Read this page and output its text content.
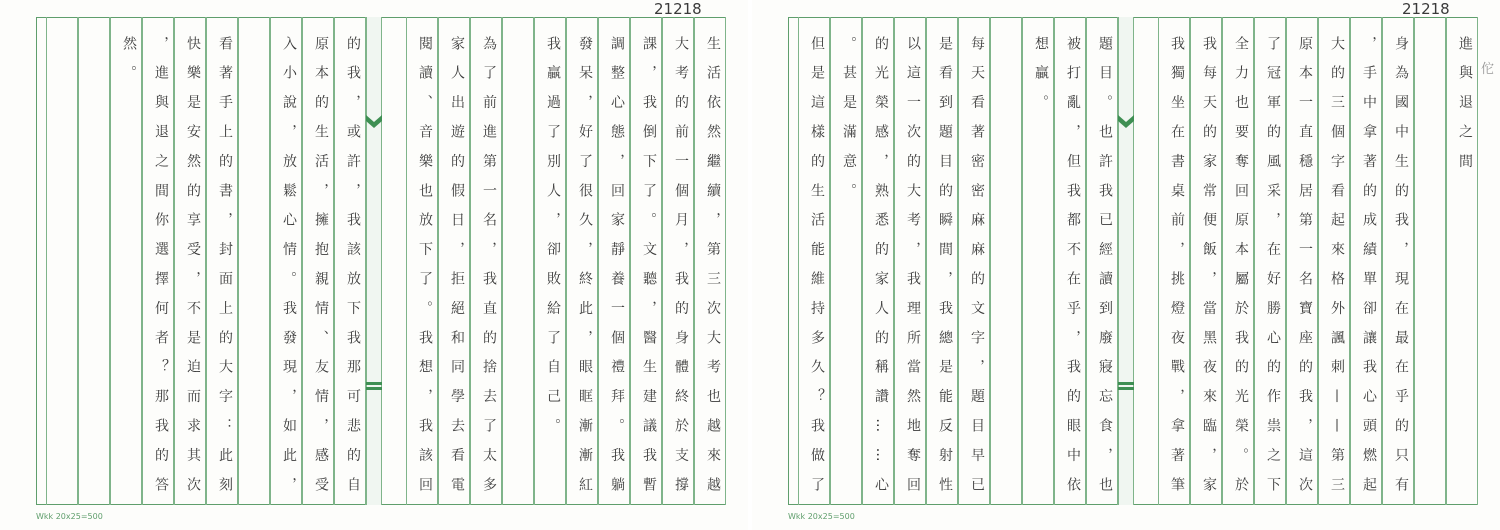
21218
生活依然繼續，第三次大考也越來越
大考的前一個月，我的身體終於支撐
課，我倒下了。文聽，醫生建議我暫
調整心態，回家靜養一個禮拜。我躺
發呆，好了很久，終此，眼眶漸漸紅
我贏過了別人，卻敗給了自己。
為了前進第一名，我直的捨去了太多
家人出遊的假日，拒絕和同學去看電
閱讀、音樂也放下了。我想，我該回
的我，或許，我該放下我那可悲的自
原本的生活，擁抱親情、友情，感受
入小說，放鬆心情。我發現，如此，
看著手上的書，封面上的大字：此刻
快樂是安然的享受，不是迫而求其次
，進與退之間你選擇何者？那我的答
然。
Wkk 20x25=500
21218
佗
進與退之間
身為國中生的我，現在最在乎的只有
，手中拿著的成績單卻讓我心頭燃起
大的三個字看起來格外諷刺——第三
原本一直穩居第一名寶座的我，這次
了冠軍的風采，在好勝心的作祟之下
全力也要奪回原本屬於我的光榮。於
我每天的家常便飯，當黑夜來臨，家
我獨坐在書桌前，挑燈夜戰，拿著筆
題目。也許我已經讀到廢寢忘食，也
被打亂，但我都不在乎，我的眼中依
想贏。
每天看著密密麻麻的文字，題目早已
是看到題目的瞬間，我總是能反射性
以這一次的大考，我理所當然地奪回
的光榮感，熟悉的家人的稱讚……心
。甚是滿意。
但是這樣的生活能維持多久？我做了
Wkk 20x25=500
